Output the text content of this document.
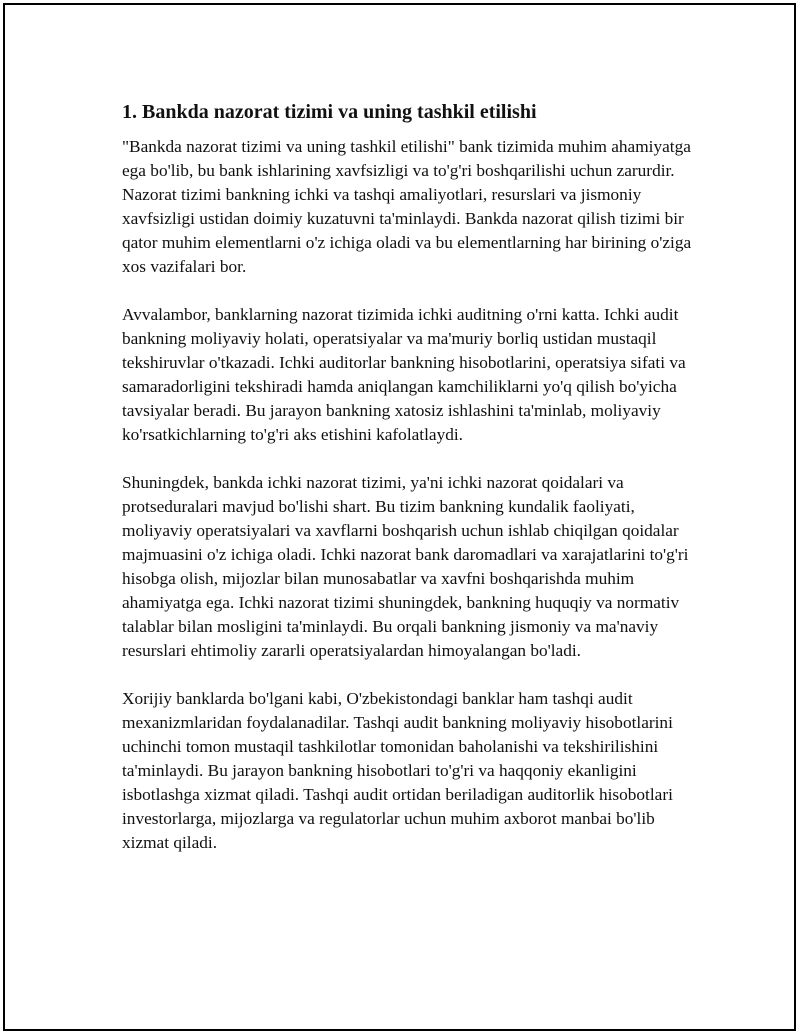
1. Bankda nazorat tizimi va uning tashkil etilishi

"Bankda nazorat tizimi va uning tashkil etilishi" bank tizimida muhim ahamiyatga ega bo'lib, bu bank ishlarining xavfsizligi va to'g'ri boshqarilishi uchun zarurdir. Nazorat tizimi bankning ichki va tashqi amaliyotlari, resurslari va jismoniy xavfsizligi ustidan doimiy kuzatuvni ta'minlaydi. Bankda nazorat qilish tizimi bir qator muhim elementlarni o'z ichiga oladi va bu elementlarning har birining o'ziga xos vazifalari bor.

Avvalambor, banklarning nazorat tizimida ichki auditning o'rni katta. Ichki audit bankning moliyaviy holati, operatsiyalar va ma'muriy borliq ustidan mustaqil tekshiruvlar o'tkazadi. Ichki auditorlar bankning hisobotlarini, operatsiya sifati va samaradorligini tekshiradi hamda aniqlangan kamchiliklarni yo'q qilish bo'yicha tavsiyalar beradi. Bu jarayon bankning xatosiz ishlashini ta'minlab, moliyaviy ko'rsatkichlarning to'g'ri aks etishini kafolatlaydi.

Shuningdek, bankda ichki nazorat tizimi, ya'ni ichki nazorat qoidalari va protseduralari mavjud bo'lishi shart. Bu tizim bankning kundalik faoliyati, moliyaviy operatsiyalari va xavflarni boshqarish uchun ishlab chiqilgan qoidalar majmuasini o'z ichiga oladi. Ichki nazorat bank daromadlari va xarajatlarini to'g'ri hisobga olish, mijozlar bilan munosabatlar va xavfni boshqarishda muhim ahamiyatga ega. Ichki nazorat tizimi shuningdek, bankning huquqiy va normativ talablar bilan mosligini ta'minlaydi. Bu orqali bankning jismoniy va ma'naviy resurslari ehtimoliy zararli operatsiyalardan himoyalangan bo'ladi.

Xorijiy banklarda bo'lgani kabi, O'zbekistondagi banklar ham tashqi audit mexanizmlaridan foydalanadilar. Tashqi audit bankning moliyaviy hisobotlarini uchinchi tomon mustaqil tashkilotlar tomonidan baholanishi va tekshirilishini ta'minlaydi. Bu jarayon bankning hisobotlari to'g'ri va haqqoniy ekanligini isbotlashga xizmat qiladi. Tashqi audit ortidan beriladigan auditorlik hisobotlari investorlarga, mijozlarga va regulatorlar uchun muhim axborot manbai bo'lib xizmat qiladi.
